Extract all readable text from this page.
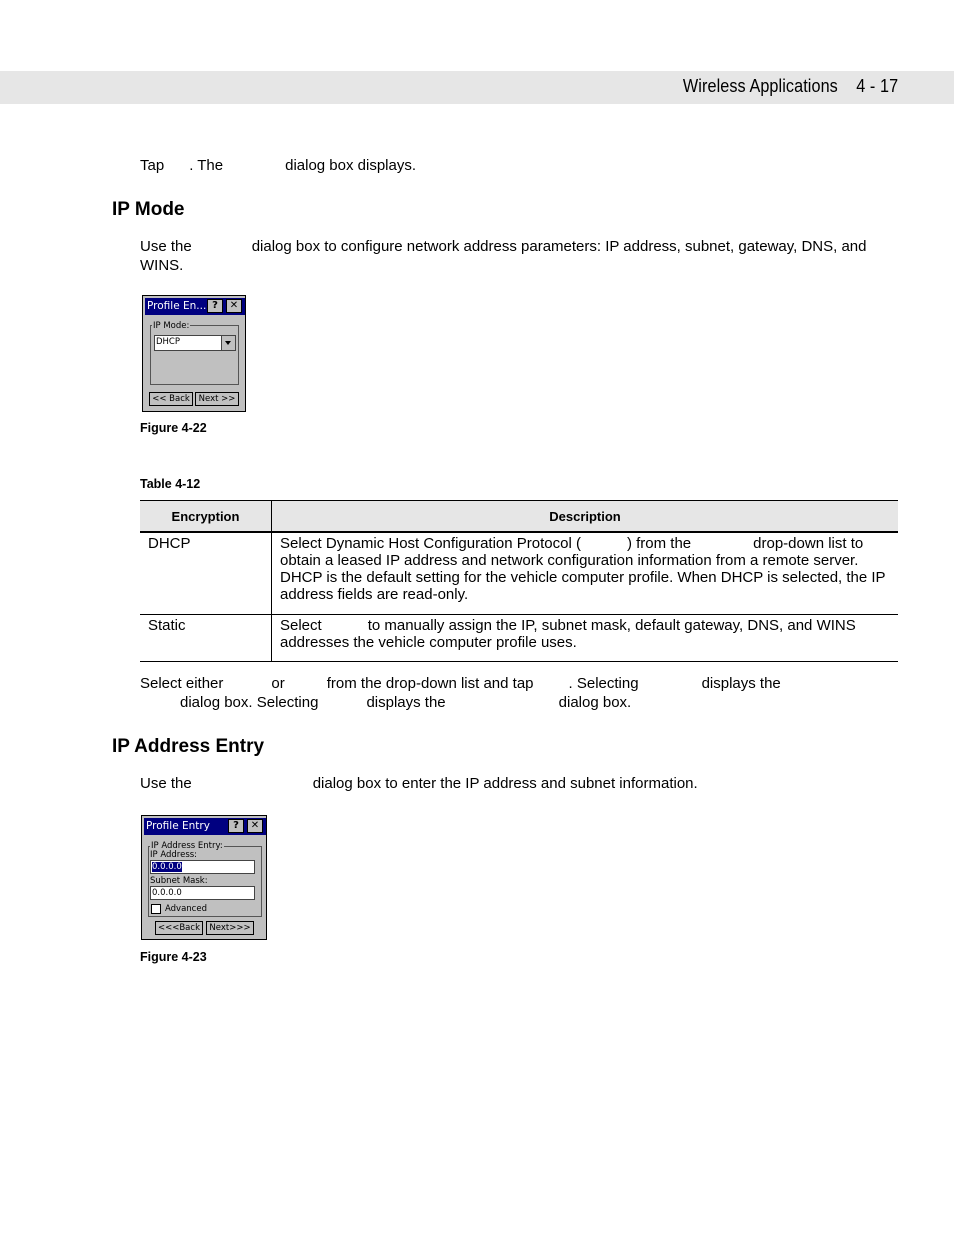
Wireless Applications 4 - 17
Tap . The	dialog box displays.
IP Mode
Use the	dialog box to configure network address parameters: IP address, subnet, gateway, DNS, and
WINS.
Profile En... ?	✕
IP Mode:
DHCP
<< Back	Next >>
Figure 4-22
Table 4-12
Encryption	Description
DHCP	Select Dynamic Host Configuration Protocol ( ) from the drop-down list to obtain a leased IP address and network configuration information from a remote server. DHCP is the default setting for the vehicle computer profile. When DHCP is selected, the IP address fields are read-only.
Static	Select to manually assign the IP, subnet mask, default gateway, DNS, and WINS addresses the vehicle computer profile uses.
Select either	or	from the drop-down list and tap . Selecting	displays the
dialog box. Selecting	displays the	dialog box.
IP Address Entry
Use the	dialog box to enter the IP address and subnet information.
Profile Entry	?	✕
IP Address Entry:
IP Address:
0.0.0.0
Subnet Mask:
0.0.0.0
Advanced
<<<Back	Next>>>
Figure 4-23
